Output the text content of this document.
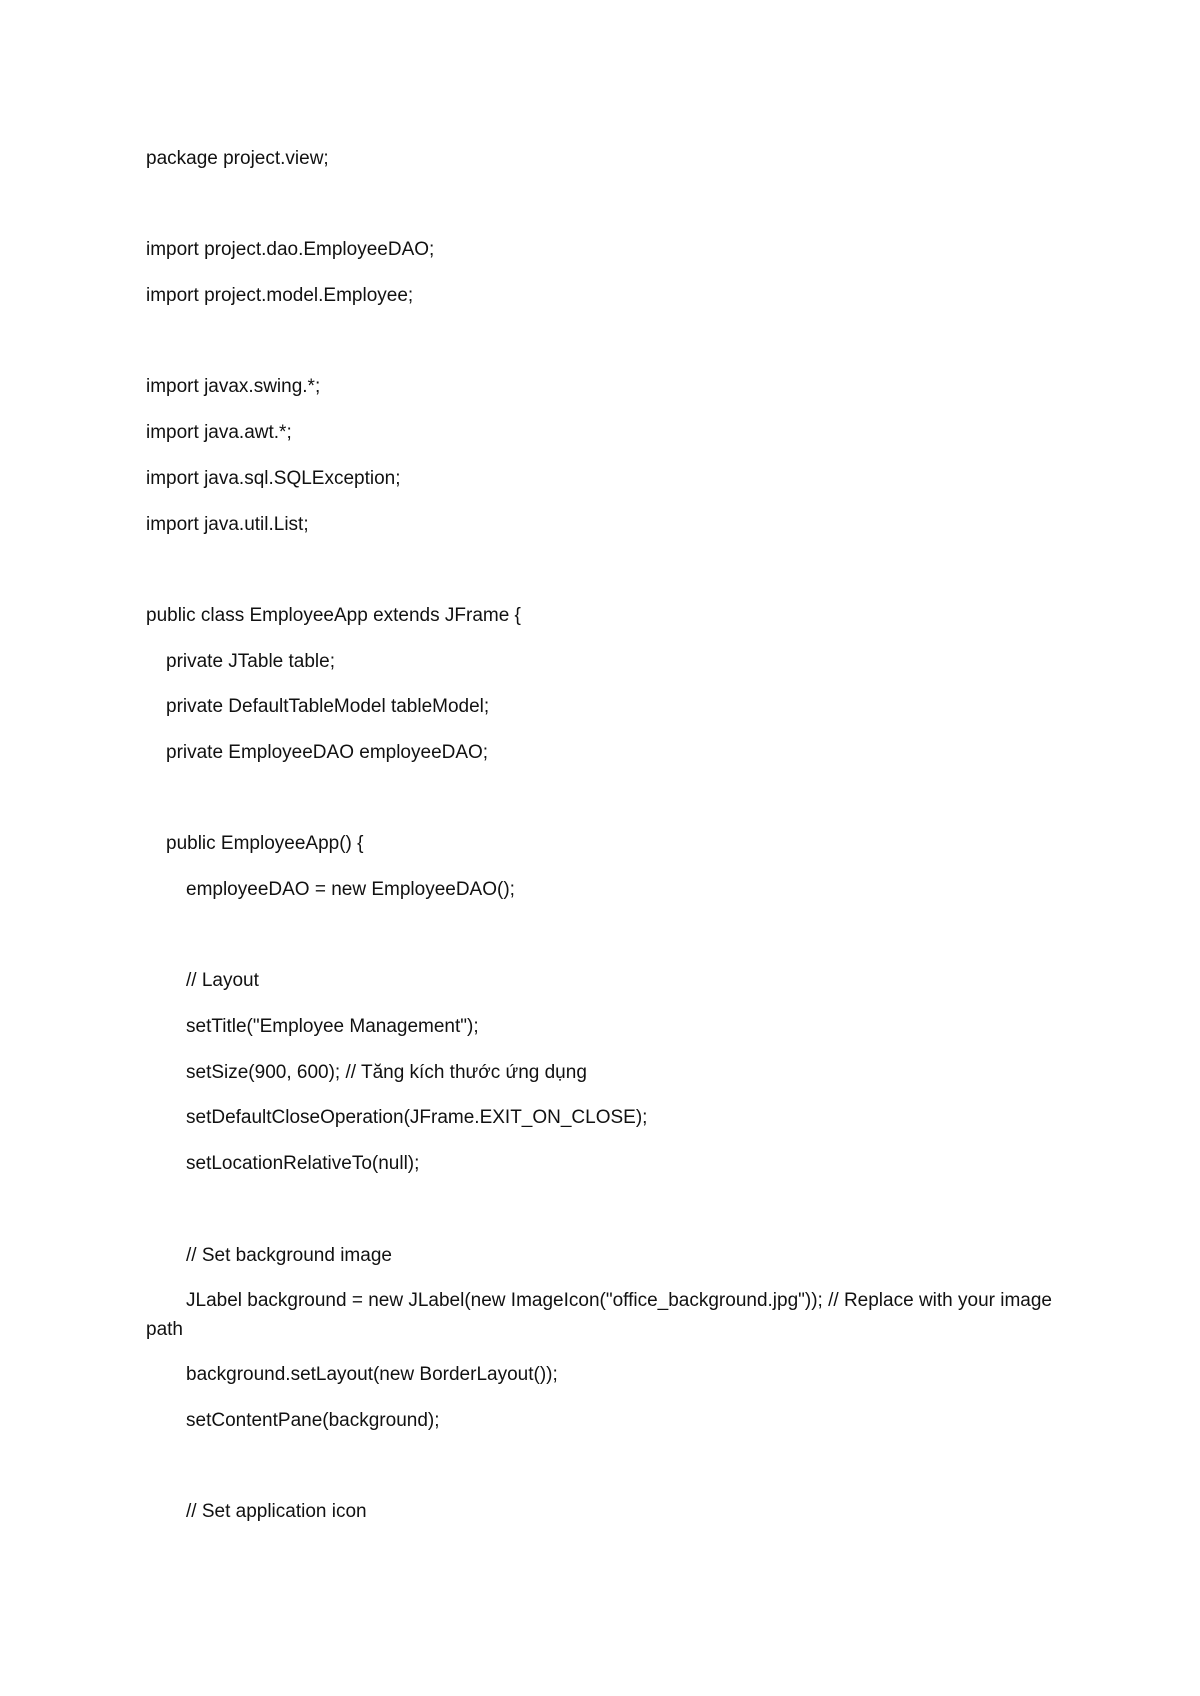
package project.view;
import project.dao.EmployeeDAO;
import project.model.Employee;
import javax.swing.*;
import java.awt.*;
import java.sql.SQLException;
import java.util.List;
public class EmployeeApp extends JFrame {
private JTable table;
private DefaultTableModel tableModel;
private EmployeeDAO employeeDAO;
public EmployeeApp() {
employeeDAO = new EmployeeDAO();
// Layout
setTitle("Employee Management");
setSize(900, 600); // Tăng kích thước ứng dụng
setDefaultCloseOperation(JFrame.EXIT_ON_CLOSE);
setLocationRelativeTo(null);
// Set background image
JLabel background = new JLabel(new ImageIcon("office_background.jpg")); // Replace with your image path
background.setLayout(new BorderLayout());
setContentPane(background);
// Set application icon
